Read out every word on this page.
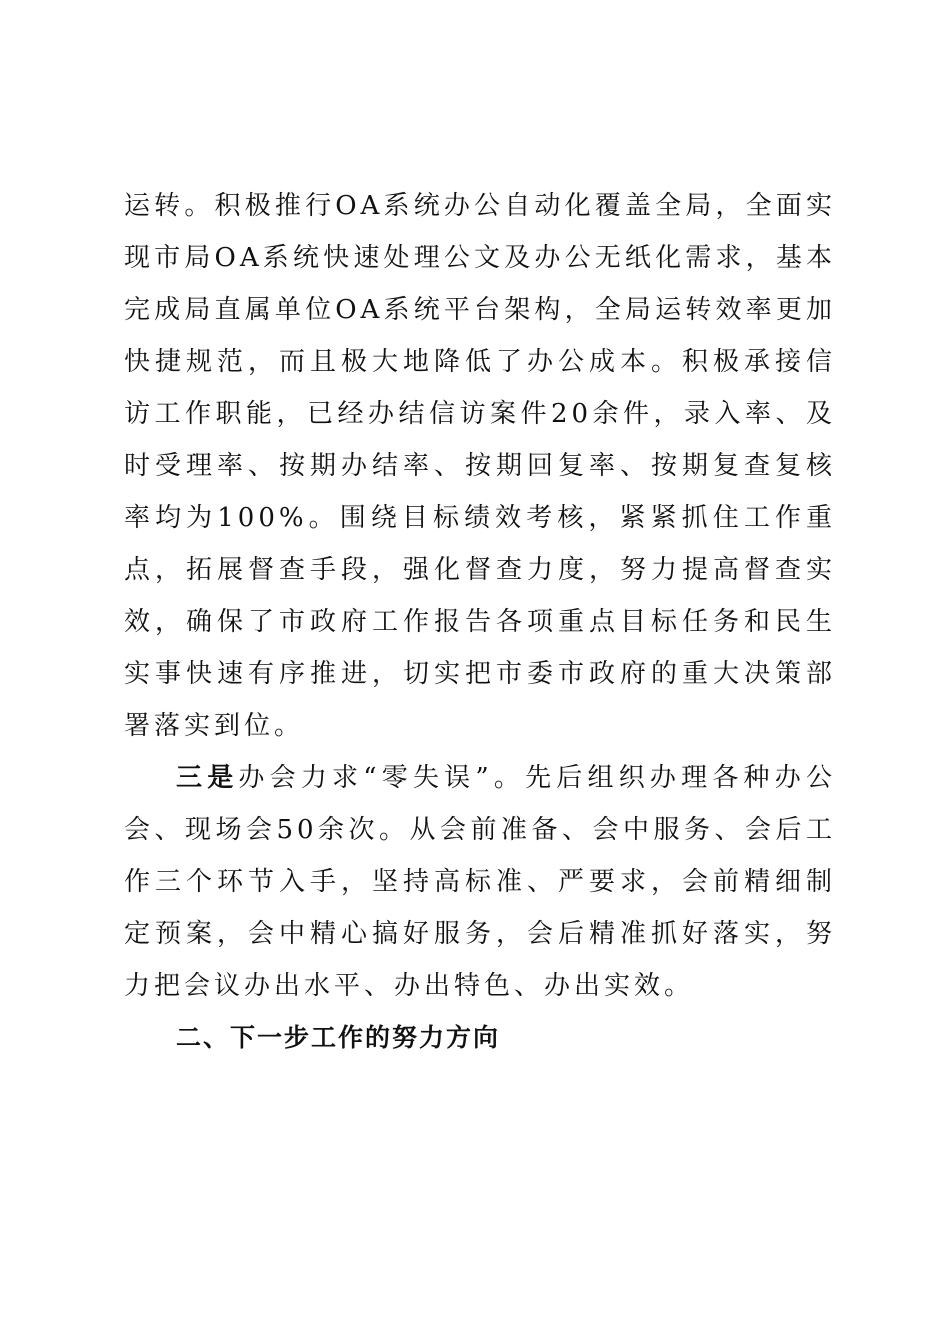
运转。积极推行OA系统办公自动化覆盖全局，全面实现市局OA系统快速处理公文及办公无纸化需求，基本完成局直属单位OA系统平台架构，全局运转效率更加快捷规范，而且极大地降低了办公成本。积极承接信访工作职能，已经办结信访案件20余件，录入率、及时受理率、按期办结率、按期回复率、按期复查复核率均为100%。围绕目标绩效考核，紧紧抓住工作重点，拓展督查手段，强化督查力度，努力提高督查实效，确保了市政府工作报告各项重点目标任务和民生实事快速有序推进，切实把市委市政府的重大决策部署落实到位。

三是办会力求“零失误”。先后组织办理各种办公会、现场会50余次。从会前准备、会中服务、会后工作三个环节入手，坚持高标准、严要求，会前精细制定预案，会中精心搞好服务，会后精准抓好落实，努力把会议办出水平、办出特色、办出实效。

二、下一步工作的努力方向
